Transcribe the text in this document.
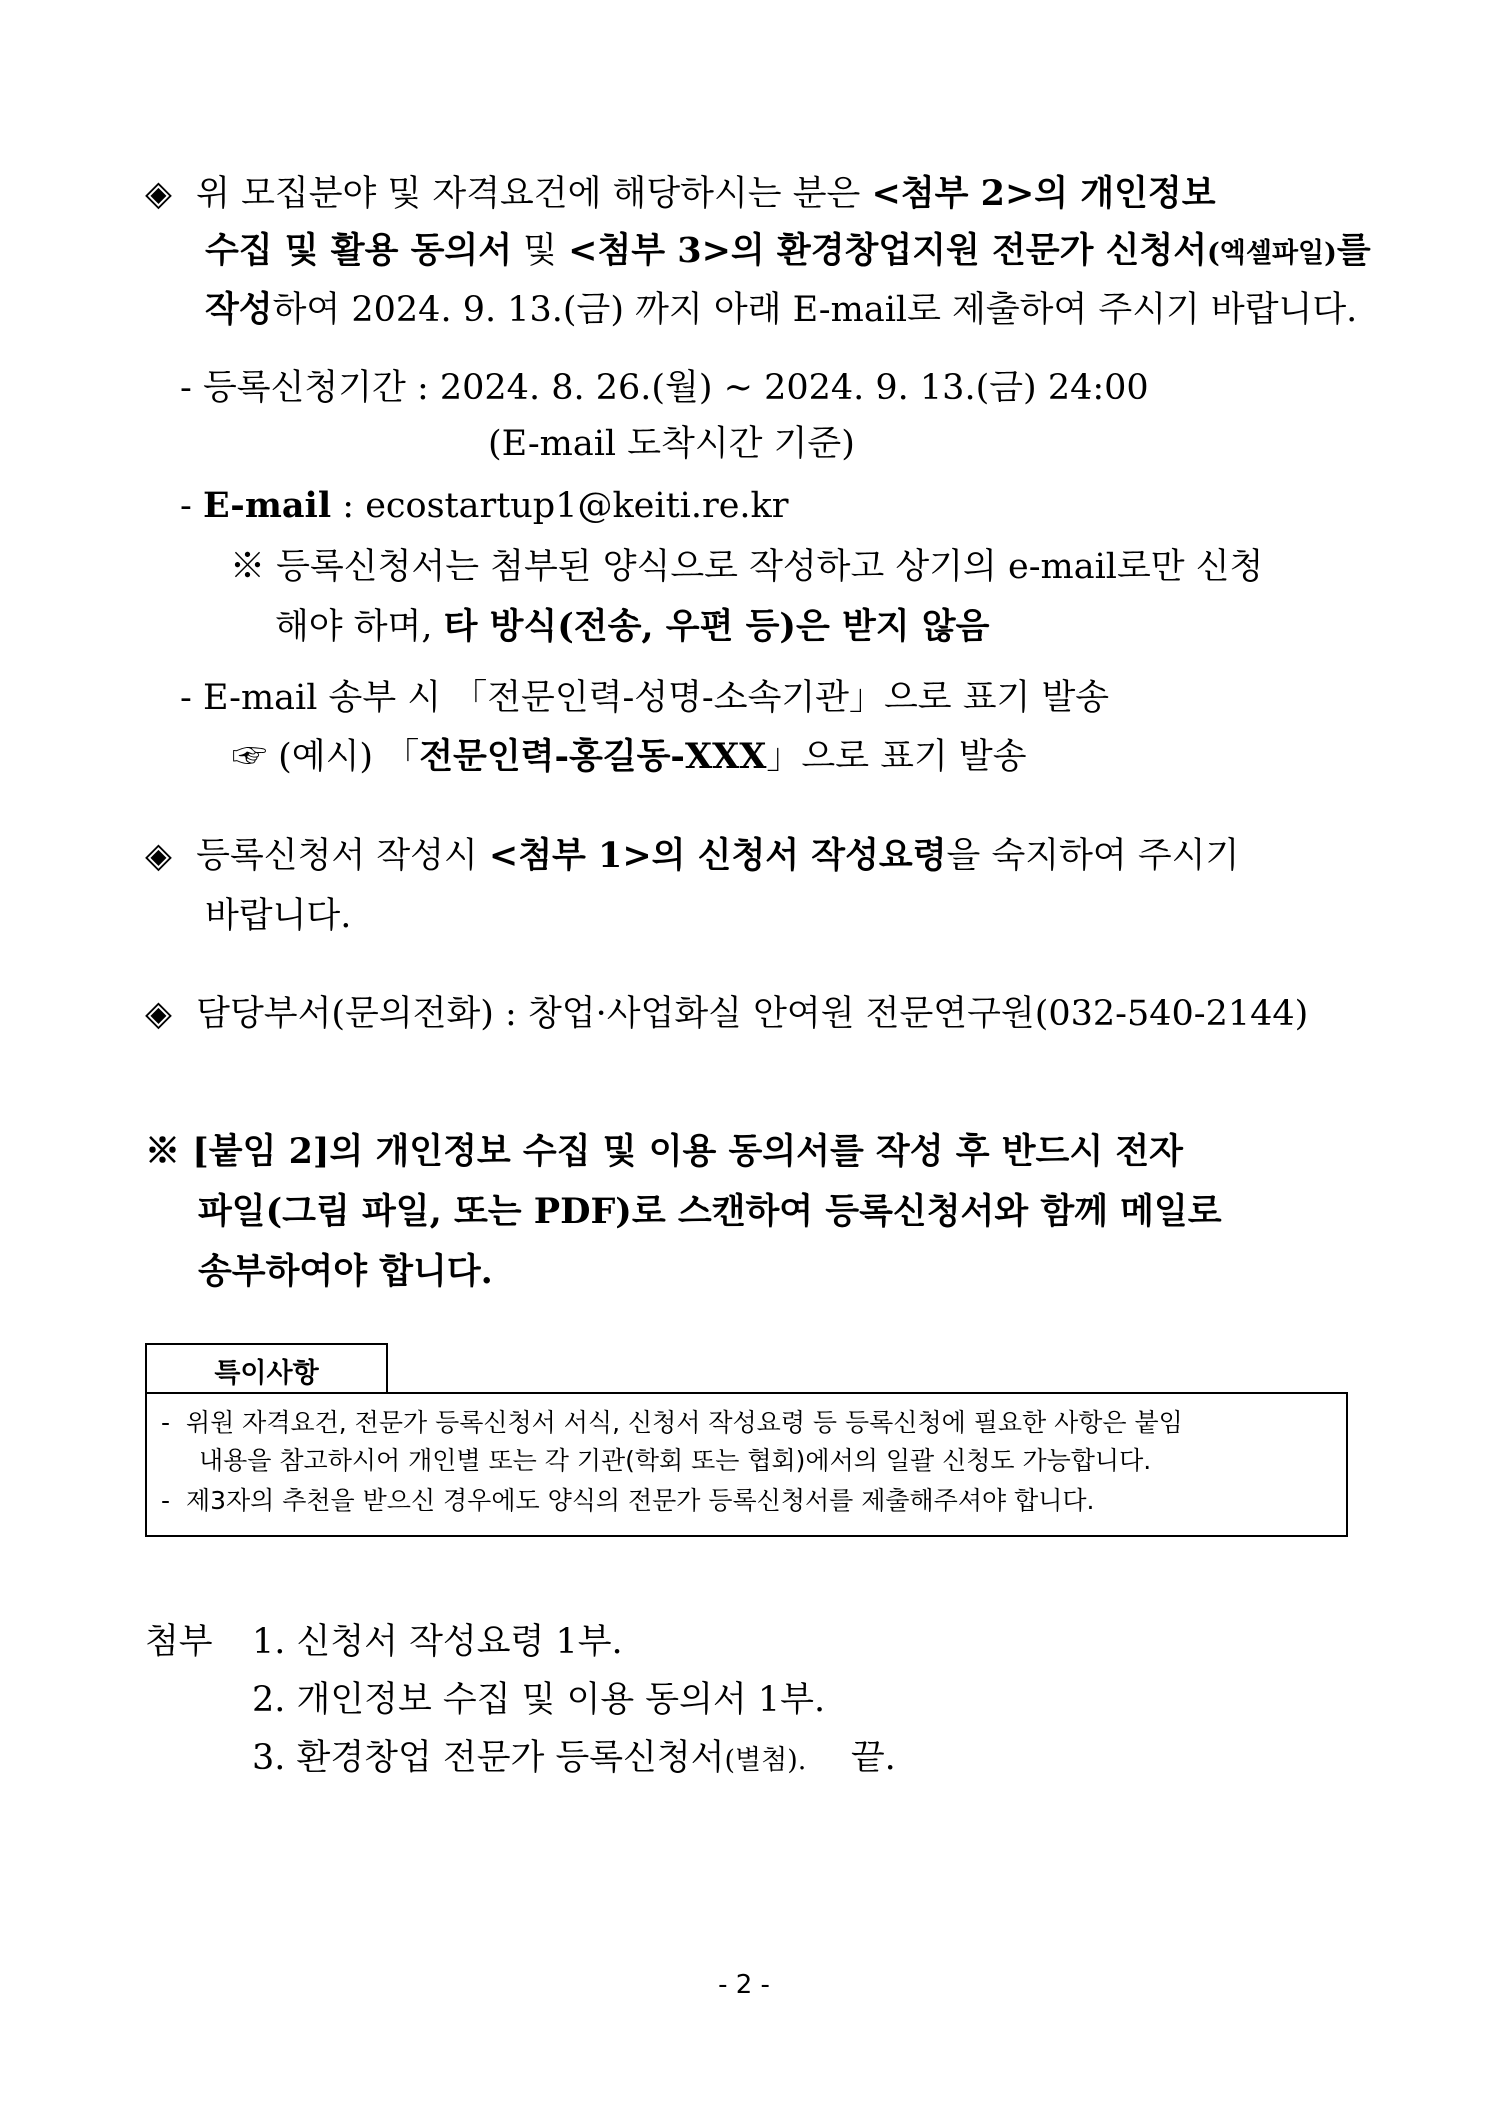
◈ 위 모집분야 및 자격요건에 해당하시는 분은 <첨부 2>의 개인정보
수집 및 활용 동의서 및 <첨부 3>의 환경창업지원 전문가 신청서(엑셀파일)를
작성하여 2024. 9. 13.(금) 까지 아래 E-mail로 제출하여 주시기 바랍니다.
- 등록신청기간 : 2024. 8. 26.(월) ~ 2024. 9. 13.(금) 24:00
(E-mail 도착시간 기준)
- E-mail : ecostartup1@keiti.re.kr
※ 등록신청서는 첨부된 양식으로 작성하고 상기의 e-mail로만 신청
해야 하며, 타 방식(전송, 우편 등)은 받지 않음
- E-mail 송부 시 「전문인력-성명-소속기관」으로 표기 발송
☞ (예시) 「전문인력-홍길동-XXX」으로 표기 발송
◈ 등록신청서 작성시 <첨부 1>의 신청서 작성요령을 숙지하여 주시기
바랍니다.
◈ 담당부서(문의전화) : 창업·사업화실 안여원 전문연구원(032-540-2144)
※ [붙임 2]의 개인정보 수집 및 이용 동의서를 작성 후 반드시 전자
파일(그림 파일, 또는 PDF)로 스캔하여 등록신청서와 함께 메일로
송부하여야 합니다.
특이사항
- 위원 자격요건, 전문가 등록신청서 서식, 신청서 작성요령 등 등록신청에 필요한 사항은 붙임
내용을 참고하시어 개인별 또는 각 기관(학회 또는 협회)에서의 일괄 신청도 가능합니다.
- 제3자의 추천을 받으신 경우에도 양식의 전문가 등록신청서를 제출해주셔야 합니다.
첨부 1. 신청서 작성요령 1부.
2. 개인정보 수집 및 이용 동의서 1부.
3. 환경창업 전문가 등록신청서(별첨). 끝.
- 2 -
